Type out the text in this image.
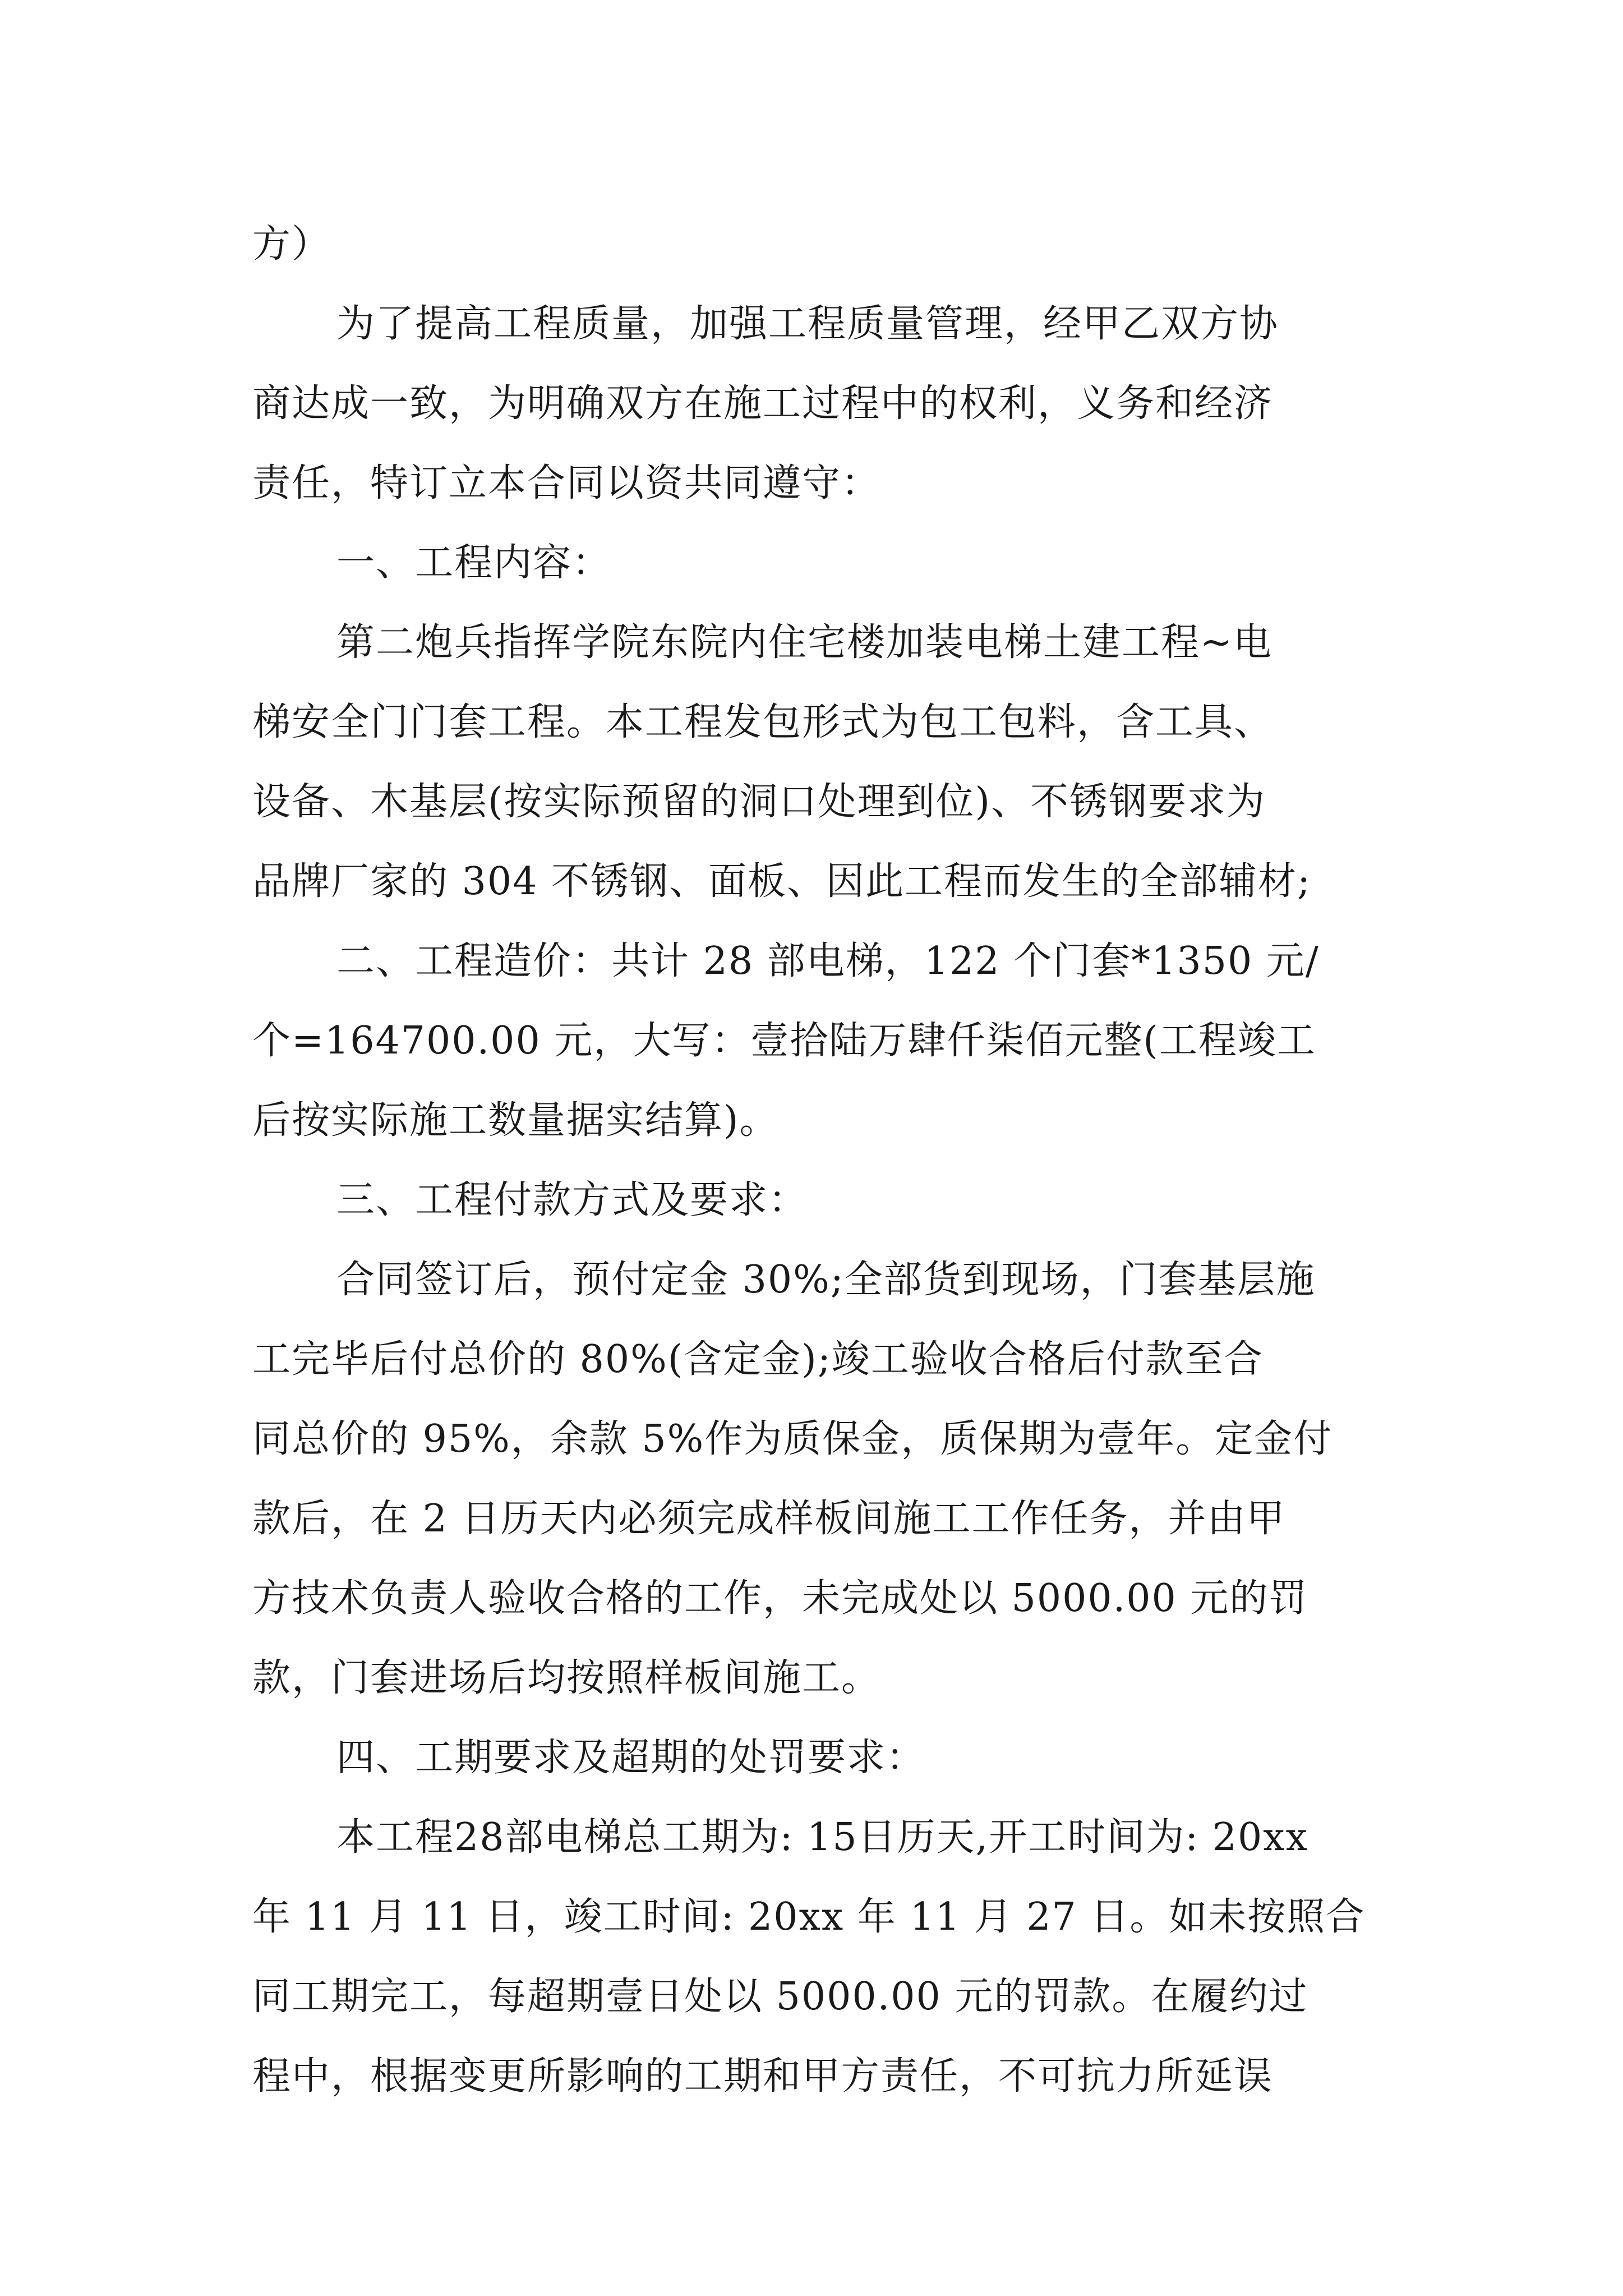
方）
为了提高工程质量，加强工程质量管理，经甲乙双方协
商达成一致，为明确双方在施工过程中的权利，义务和经济
责任，特订立本合同以资共同遵守：
一、工程内容：
第二炮兵指挥学院东院内住宅楼加装电梯土建工程~电
梯安全门门套工程。本工程发包形式为包工包料，含工具、
设备、木基层(按实际预留的洞口处理到位)、不锈钢要求为
品牌厂家的 304 不锈钢、面板、因此工程而发生的全部辅材;
二、工程造价：共计 28 部电梯，122 个门套*1350 元/
个=164700.00 元，大写：壹拾陆万肆仟柒佰元整(工程竣工
后按实际施工数量据实结算)。
三、工程付款方式及要求：
合同签订后，预付定金 30%;全部货到现场，门套基层施
工完毕后付总价的 80%(含定金);竣工验收合格后付款至合
同总价的 95%，余款 5%作为质保金，质保期为壹年。定金付
款后，在 2 日历天内必须完成样板间施工工作任务，并由甲
方技术负责人验收合格的工作，未完成处以 5000.00 元的罚
款，门套进场后均按照样板间施工。
四、工期要求及超期的处罚要求：
本工程28部电梯总工期为: 15日历天,开工时间为: 20xx
年 11 月 11 日，竣工时间: 20xx 年 11 月 27 日。如未按照合
同工期完工，每超期壹日处以 5000.00 元的罚款。在履约过
程中，根据变更所影响的工期和甲方责任，不可抗力所延误
